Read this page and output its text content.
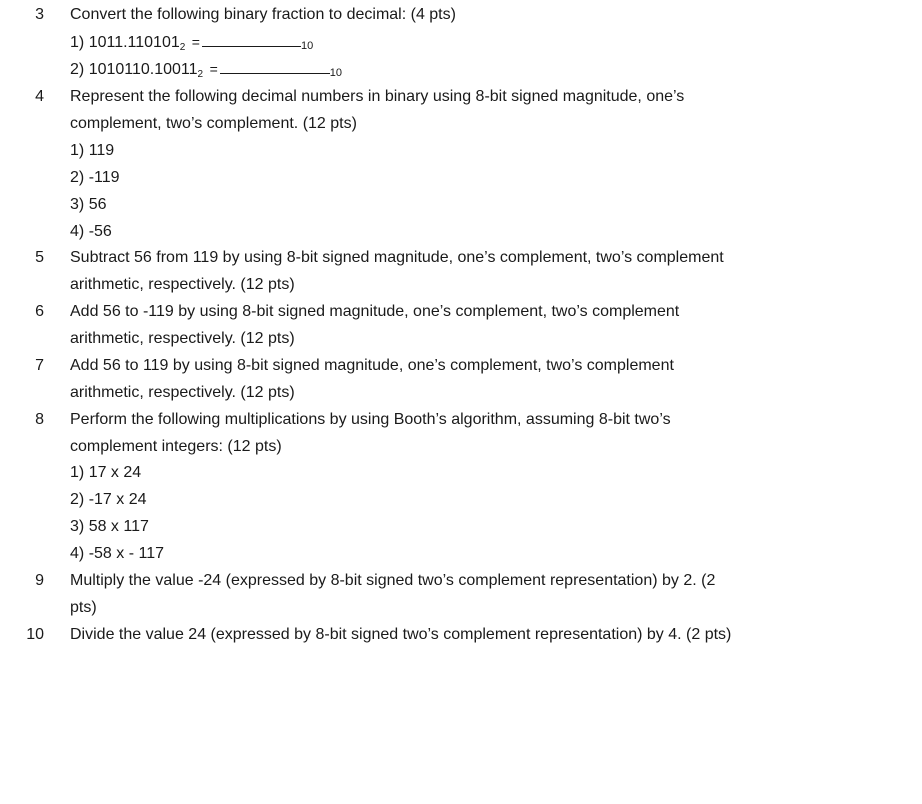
3 Convert the following binary fraction to decimal: (4 pts)
1) 1011.1101012 =	10
2) 1010110.100112 =	10
4 Represent the following decimal numbers in binary using 8-bit signed magnitude, one’s
complement, two’s complement. (12 pts)
1) 119
2) -119
3) 56
4) -56
5 Subtract 56 from 119 by using 8-bit signed magnitude, one’s complement, two’s complement
arithmetic, respectively. (12 pts)
6 Add 56 to -119 by using 8-bit signed magnitude, one’s complement, two’s complement
arithmetic, respectively. (12 pts)
7 Add 56 to 119 by using 8-bit signed magnitude, one’s complement, two’s complement
arithmetic, respectively. (12 pts)
8 Perform the following multiplications by using Booth’s algorithm, assuming 8-bit two’s
complement integers: (12 pts)
1) 17 x 24
2) -17 x 24
3) 58 x 117
4) -58 x - 117
9 Multiply the value -24 (expressed by 8-bit signed two’s complement representation) by 2. (2
pts)
10 Divide the value 24 (expressed by 8-bit signed two’s complement representation) by 4. (2 pts)
